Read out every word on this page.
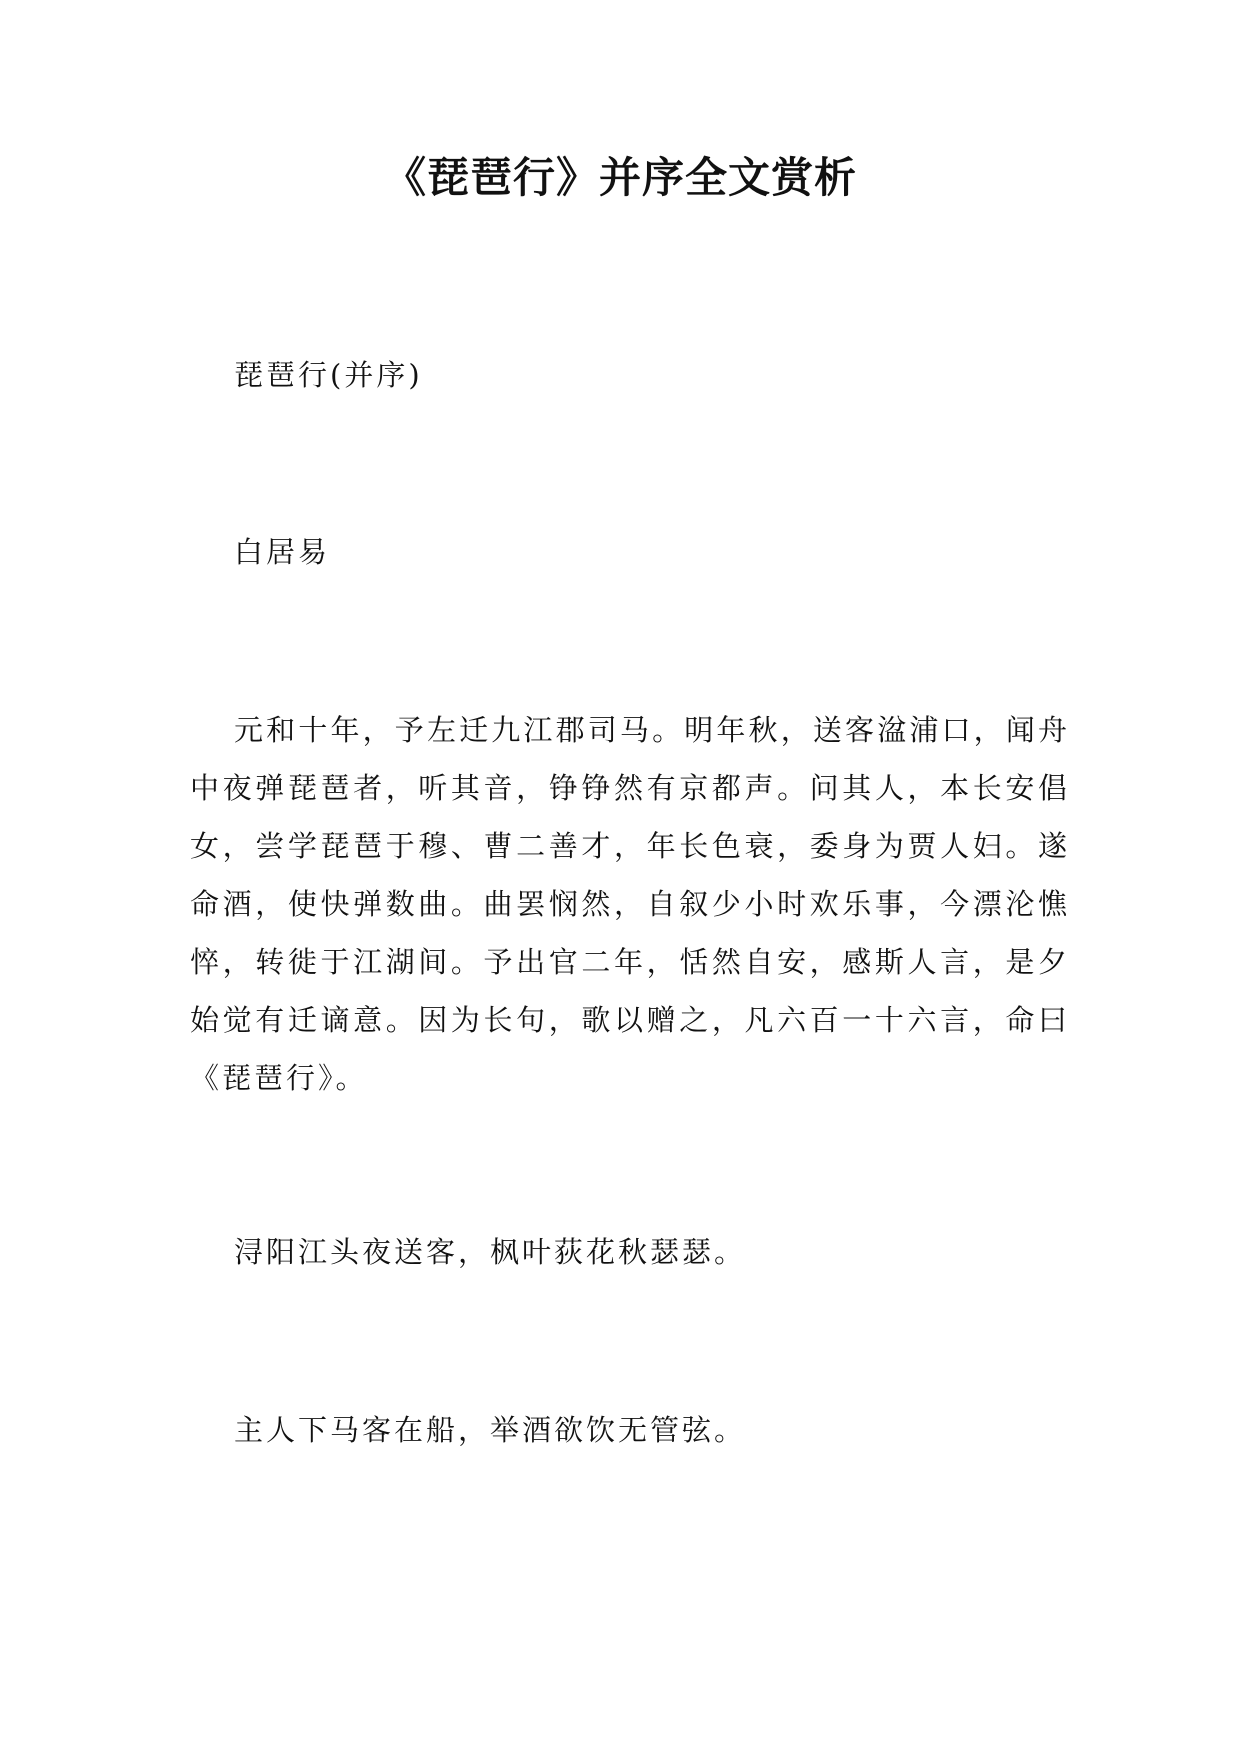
《琵琶行》并序全文赏析

琵琶行(并序)

白居易

元和十年，予左迁九江郡司马。明年秋，送客湓浦口，闻舟中夜弹琵琶者，听其音，铮铮然有京都声。问其人，本长安倡女，尝学琵琶于穆、曹二善才，年长色衰，委身为贾人妇。遂命酒，使快弹数曲。曲罢悯然，自叙少小时欢乐事，今漂沦憔悴，转徙于江湖间。予出官二年，恬然自安，感斯人言，是夕始觉有迁谪意。因为长句，歌以赠之，凡六百一十六言，命曰《琵琶行》。

浔阳江头夜送客，枫叶荻花秋瑟瑟。

主人下马客在船，举酒欲饮无管弦。
